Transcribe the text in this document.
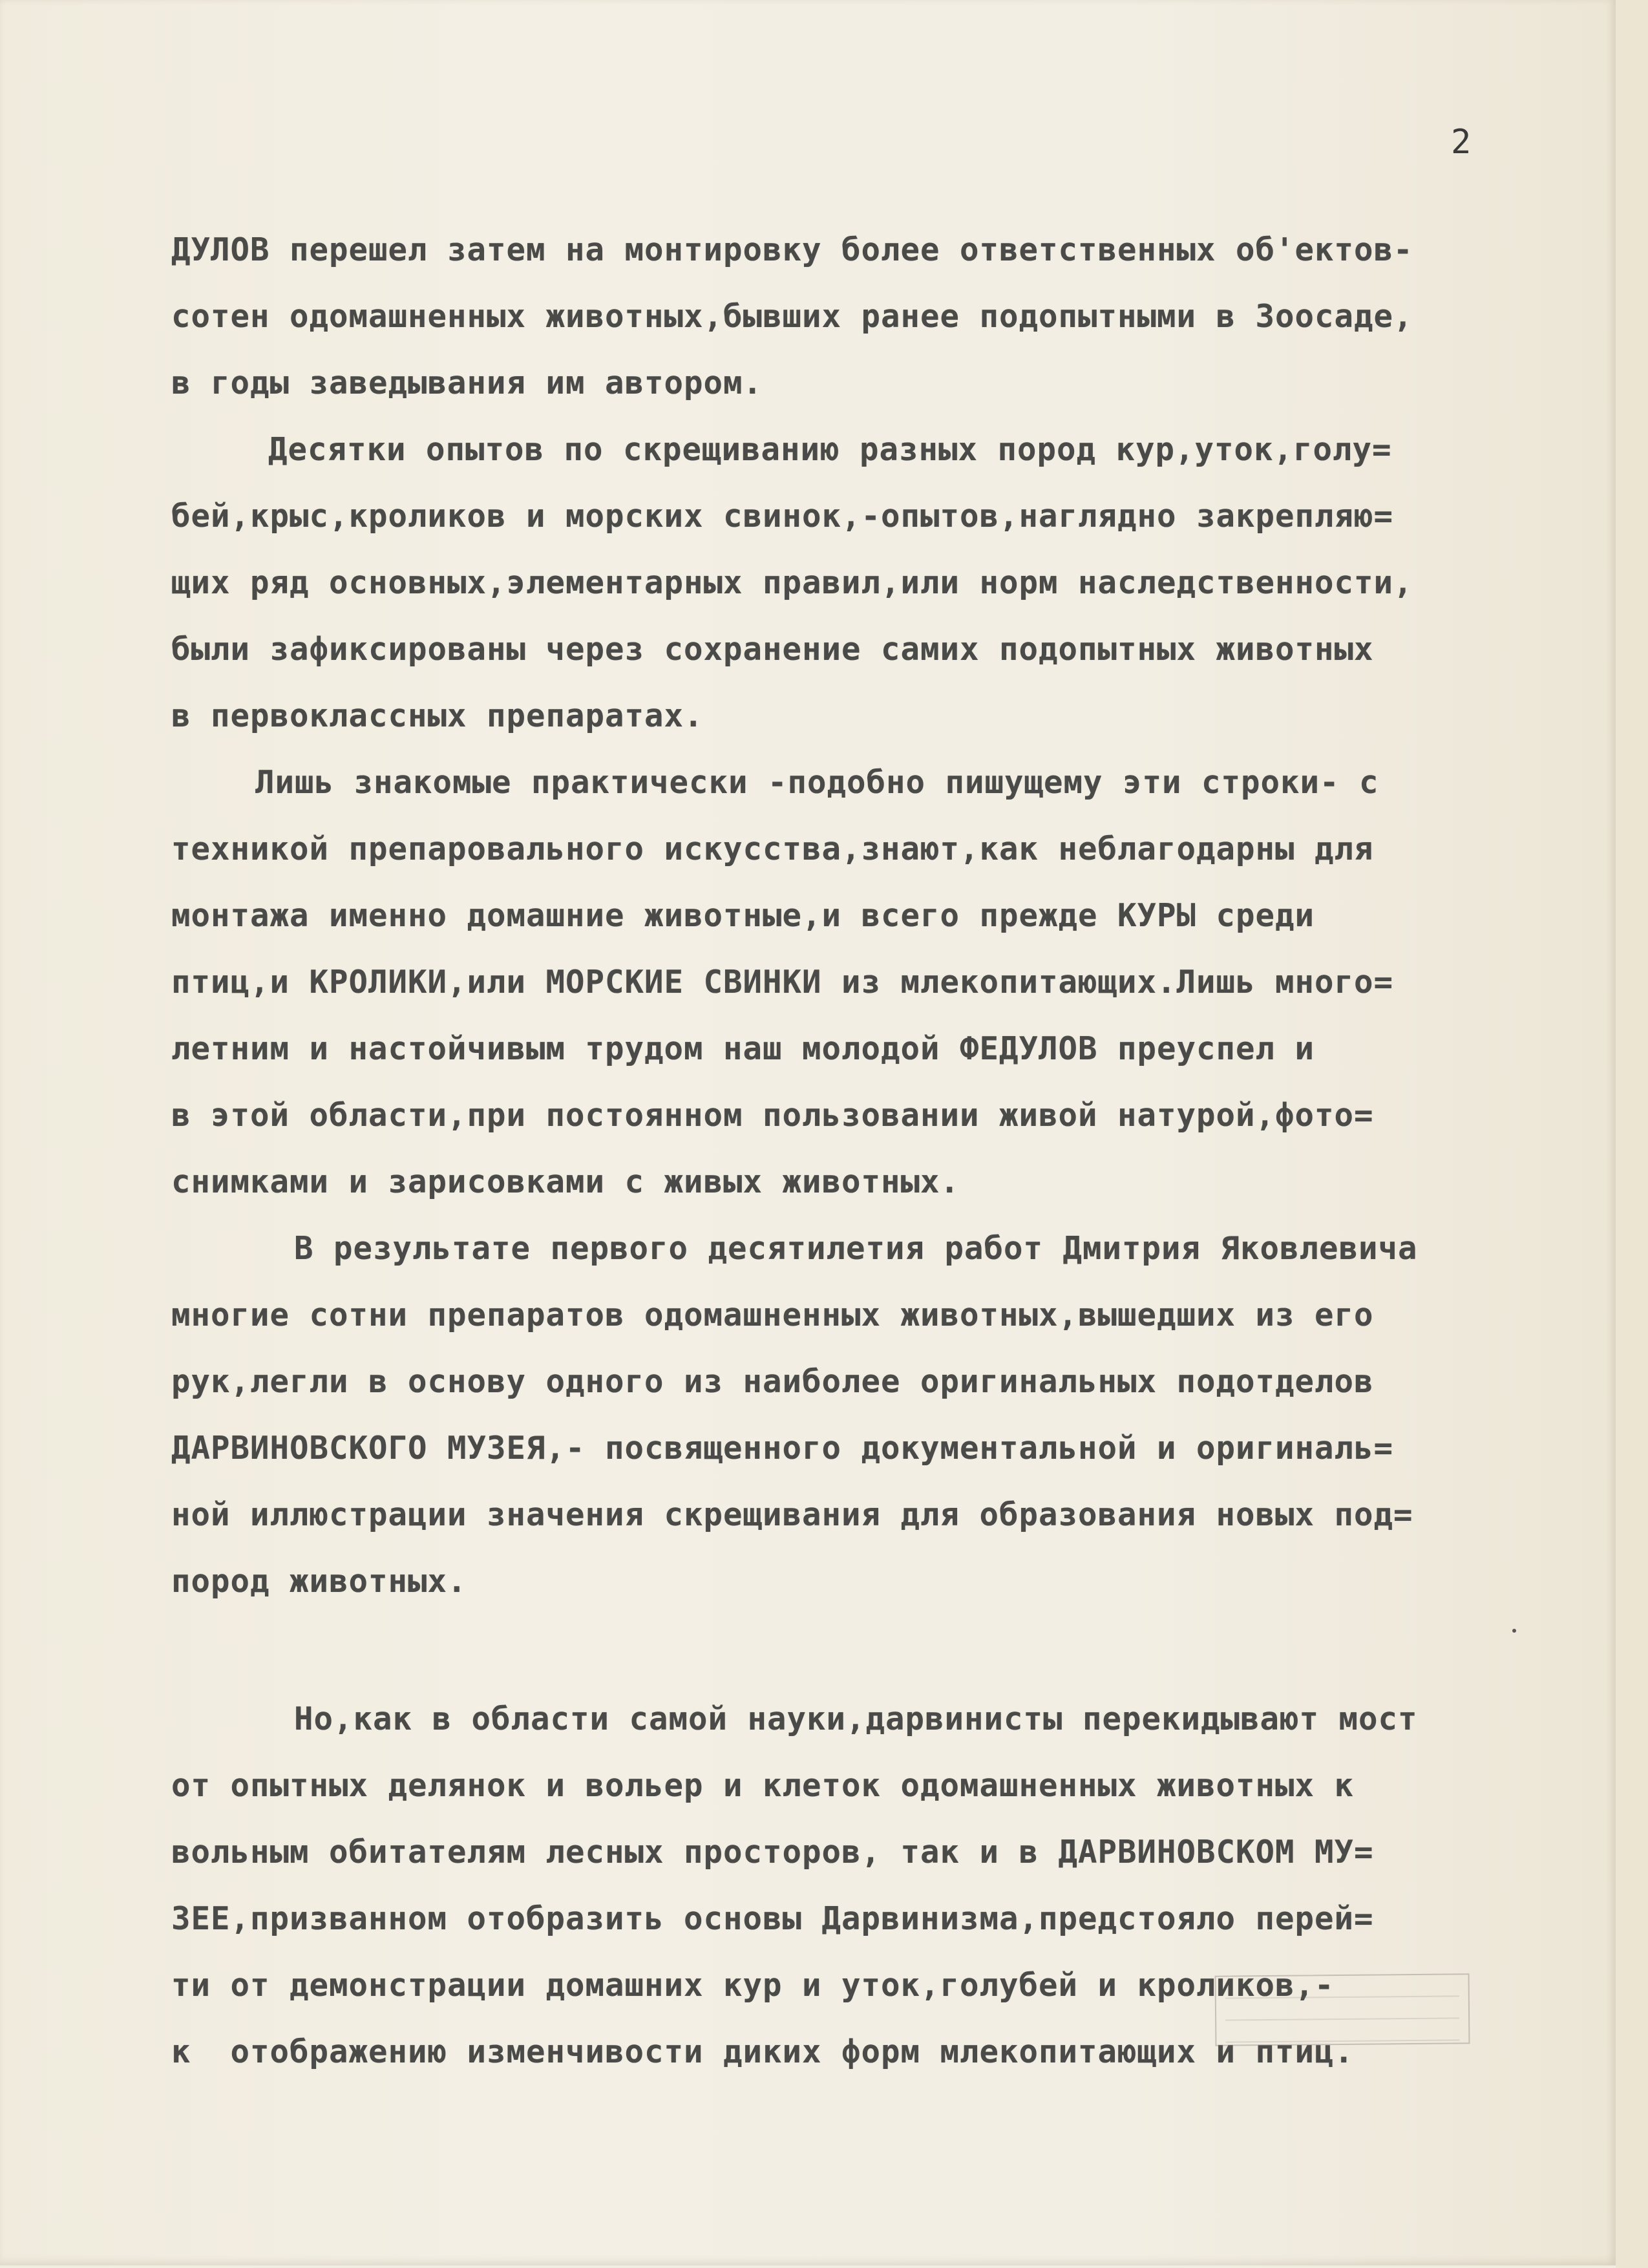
2
ДУЛОВ перешел затем на монтировку более ответственных об'ектов-
сотен одомашненных животных,бывших ранее подопытными в Зоосаде,
в годы заведывания им автором.
Десятки опытов по скрещиванию разных пород кур,уток,голу=
бей,крыс,кроликов и морских свинок,-опытов,наглядно закрепляю=
щих ряд основных,элементарных правил,или норм наследственности,
были зафиксированы через сохранение самих подопытных животных
в первоклассных препаратах.
Лишь знакомые практически -подобно пишущему эти строки- с
техникой препаровального искусства,знают,как неблагодарны для
монтажа именно домашние животные,и всего прежде КУРЫ среди
птиц,и КРОЛИКИ,или МОРСКИЕ СВИНКИ из млекопитающих.Лишь много=
летним и настойчивым трудом наш молодой ФЕДУЛОВ преуспел и
в этой области,при постоянном пользовании живой натурой,фото=
снимками и зарисовками с живых животных.
В результате первого десятилетия работ Дмитрия Яковлевича
многие сотни препаратов одомашненных животных,вышедших из его
рук,легли в основу одного из наиболее оригинальных подотделов
ДАРВИНОВСКОГО МУЗЕЯ,- посвященного документальной и оригиналь=
ной иллюстрации значения скрещивания для образования новых под=
пород животных.
Но,как в области самой науки,дарвинисты перекидывают мост
от опытных делянок и вольер и клеток одомашненных животных к
вольным обитателям лесных просторов, так и в ДАРВИНОВСКОМ МУ=
ЗЕЕ,призванном отобразить основы Дарвинизма,предстояло перей=
ти от демонстрации домашних кур и уток,голубей и кроликов,-
к  отображению изменчивости диких форм млекопитающих и птиц.
